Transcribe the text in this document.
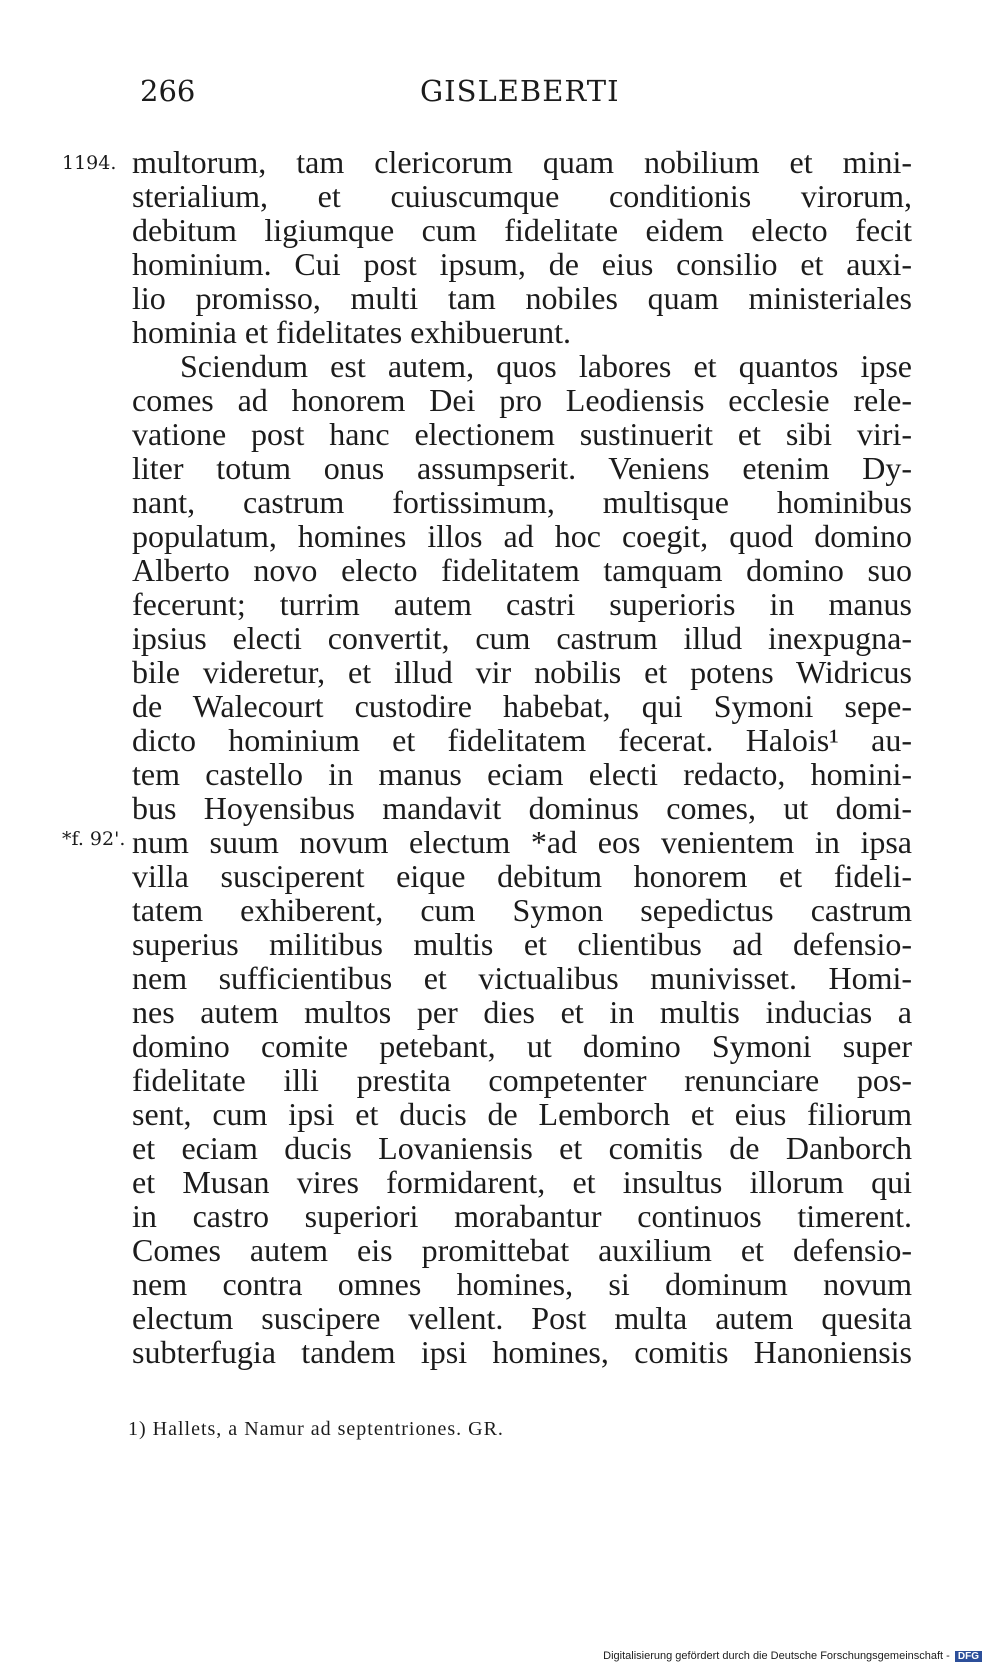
266	GISLEBERTI
1194.
*f. 92'.
multorum, tam clericorum quam nobilium et mini-
sterialium, et cuiuscumque conditionis virorum,
debitum ligiumque cum fidelitate eidem electo fecit
hominium. Cui post ipsum, de eius consilio et auxi-
lio promisso, multi tam nobiles quam ministeriales
hominia et fidelitates exhibuerunt.
Sciendum est autem, quos labores et quantos ipse
comes ad honorem Dei pro Leodiensis ecclesie rele-
vatione post hanc electionem sustinuerit et sibi viri-
liter totum onus assumpserit. Veniens etenim Dy-
nant, castrum fortissimum, multisque hominibus
populatum, homines illos ad hoc coegit, quod domino
Alberto novo electo fidelitatem tamquam domino suo
fecerunt; turrim autem castri superioris in manus
ipsius electi convertit, cum castrum illud inexpugna-
bile videretur, et illud vir nobilis et potens Widricus
de Walecourt custodire habebat, qui Symoni sepe-
dicto hominium et fidelitatem fecerat. Halois¹ au-
tem castello in manus eciam electi redacto, homini-
bus Hoyensibus mandavit dominus comes, ut domi-
num suum novum electum *ad eos venientem in ipsa
villa susciperent eique debitum honorem et fideli-
tatem exhiberent, cum Symon sepedictus castrum
superius militibus multis et clientibus ad defensio-
nem sufficientibus et victualibus munivisset. Homi-
nes autem multos per dies et in multis inducias a
domino comite petebant, ut domino Symoni super
fidelitate illi prestita competenter renunciare pos-
sent, cum ipsi et ducis de Lemborch et eius filiorum
et eciam ducis Lovaniensis et comitis de Danborch
et Musan vires formidarent, et insultus illorum qui
in castro superiori morabantur continuos timerent.
Comes autem eis promittebat auxilium et defensio-
nem contra omnes homines, si dominum novum
electum suscipere vellent. Post multa autem quesita
subterfugia tandem ipsi homines, comitis Hanoniensis
1) Hallets, a Namur ad septentriones. GR.
Digitalisierung gefördert durch die Deutsche Forschungsgemeinschaft - DFG
